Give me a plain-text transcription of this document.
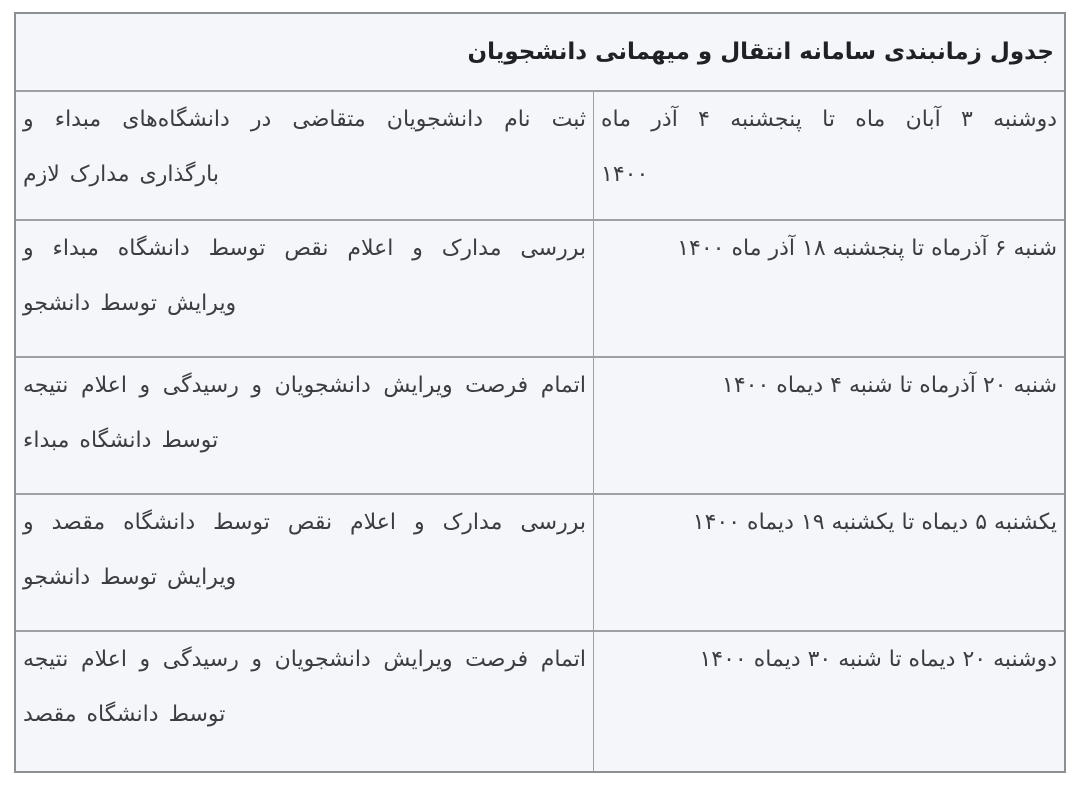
جدول زمانبندی سامانه انتقال و میهمانی دانشجویان
دوشنبه ۳ آبان ماه تا پنجشنبه ۴ آذر ماه ۱۴۰۰
ثبت نام دانشجویان متقاضی در دانشگاه‌های مبداء و بارگذاری مدارک لازم
شنبه ۶ آذرماه تا پنجشنبه ۱۸ آذر ماه ۱۴۰۰
بررسی مدارک و اعلام نقص توسط دانشگاه مبداء و ویرایش توسط دانشجو
شنبه ۲۰ آذرماه تا شنبه ۴ دیماه ۱۴۰۰
اتمام فرصت ویرایش دانشجویان و رسیدگی و اعلام نتیجه توسط دانشگاه مبداء
یکشنبه ۵ دیماه تا یکشنبه ۱۹ دیماه ۱۴۰۰
بررسی مدارک و اعلام نقص توسط دانشگاه مقصد و ویرایش توسط دانشجو
دوشنبه ۲۰ دیماه تا شنبه ۳۰ دیماه ۱۴۰۰
اتمام فرصت ویرایش دانشجویان و رسیدگی و اعلام نتیجه توسط دانشگاه مقصد
